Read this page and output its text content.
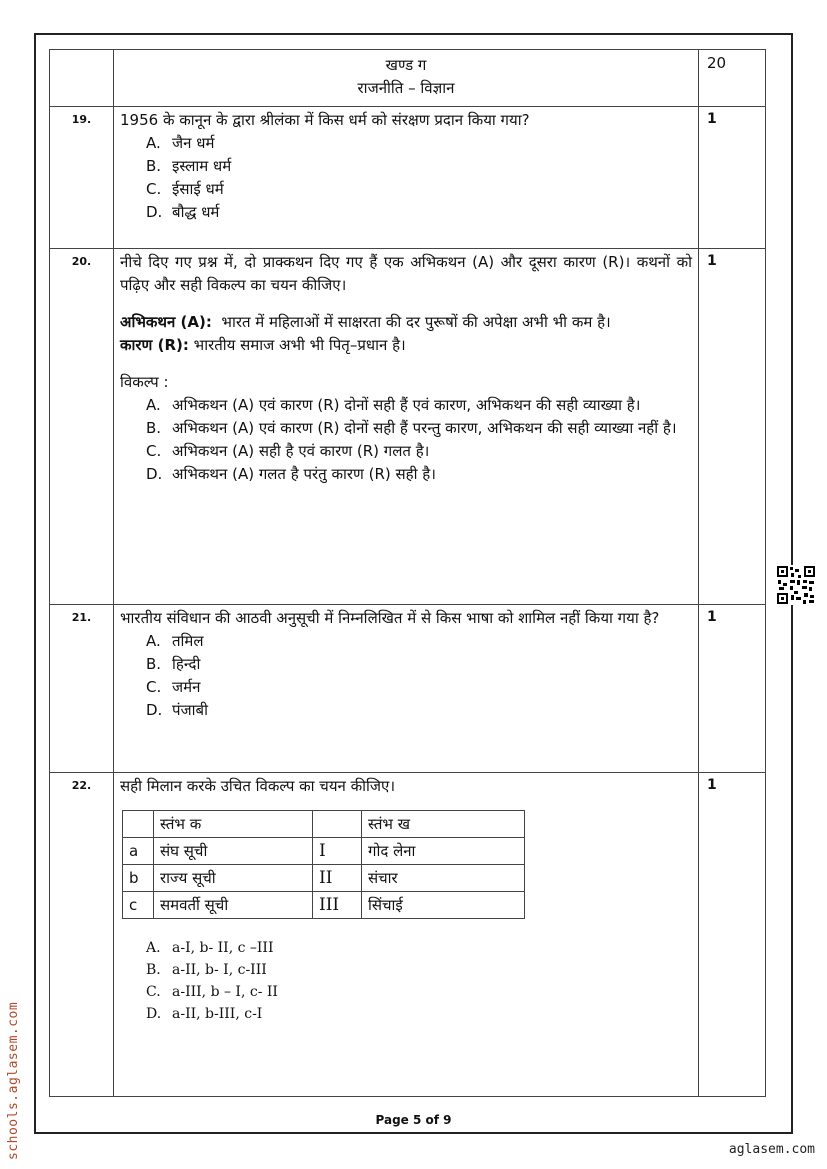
खण्ड ग
राजनीति – विज्ञान
	20
19.	1956 के कानून के द्वारा श्रीलंका में किस धर्म को संरक्षण प्रदान किया गया?
A. जैन धर्म
B. इस्लाम धर्म
C. ईसाई धर्म
D. बौद्ध धर्म
	1
20.	नीचे दिए गए प्रश्न में, दो प्राक्कथन दिए गए हैं एक अभिकथन (A) और दूसरा कारण (R)। कथनों को पढ़िए और सही विकल्प का चयन कीजिए।
अभिकथन (A): भारत में महिलाओं में साक्षरता की दर पुरूषों की अपेक्षा अभी भी कम है।
कारण (R): भारतीय समाज अभी भी पितृ–प्रधान है।
विकल्प :
A. अभिकथन (A) एवं कारण (R) दोनों सही हैं एवं कारण, अभिकथन की सही व्याख्या है।
B. अभिकथन (A) एवं कारण (R) दोनों सही हैं परन्तु कारण, अभिकथन की सही व्याख्या नहीं है।
C. अभिकथन (A) सही है एवं कारण (R) गलत है।
D. अभिकथन (A) गलत है परंतु कारण (R) सही है।
	1
21.	भारतीय संविधान की आठवी अनुसूची में निम्नलिखित में से किस भाषा को शामिल नहीं किया गया है?
A. तमिल
B. हिन्दी
C. जर्मन
D. पंजाबी
	1
22.	सही मिलान करके उचित विकल्प का चयन कीजिए।
	स्तंभ क		स्तंभ ख
a	संघ सूची	I	गोद लेना
b	राज्य सूची	II	संचार
c	समवर्ती सूची	III	सिंचाई
A. a-I, b- II, c –III
B. a-II, b- I, c-III
C. a-III, b – I, c- II
D. a-II, b-III, c-I
	1
Page 5 of 9
schools.aglasem.com	aglasem.com
